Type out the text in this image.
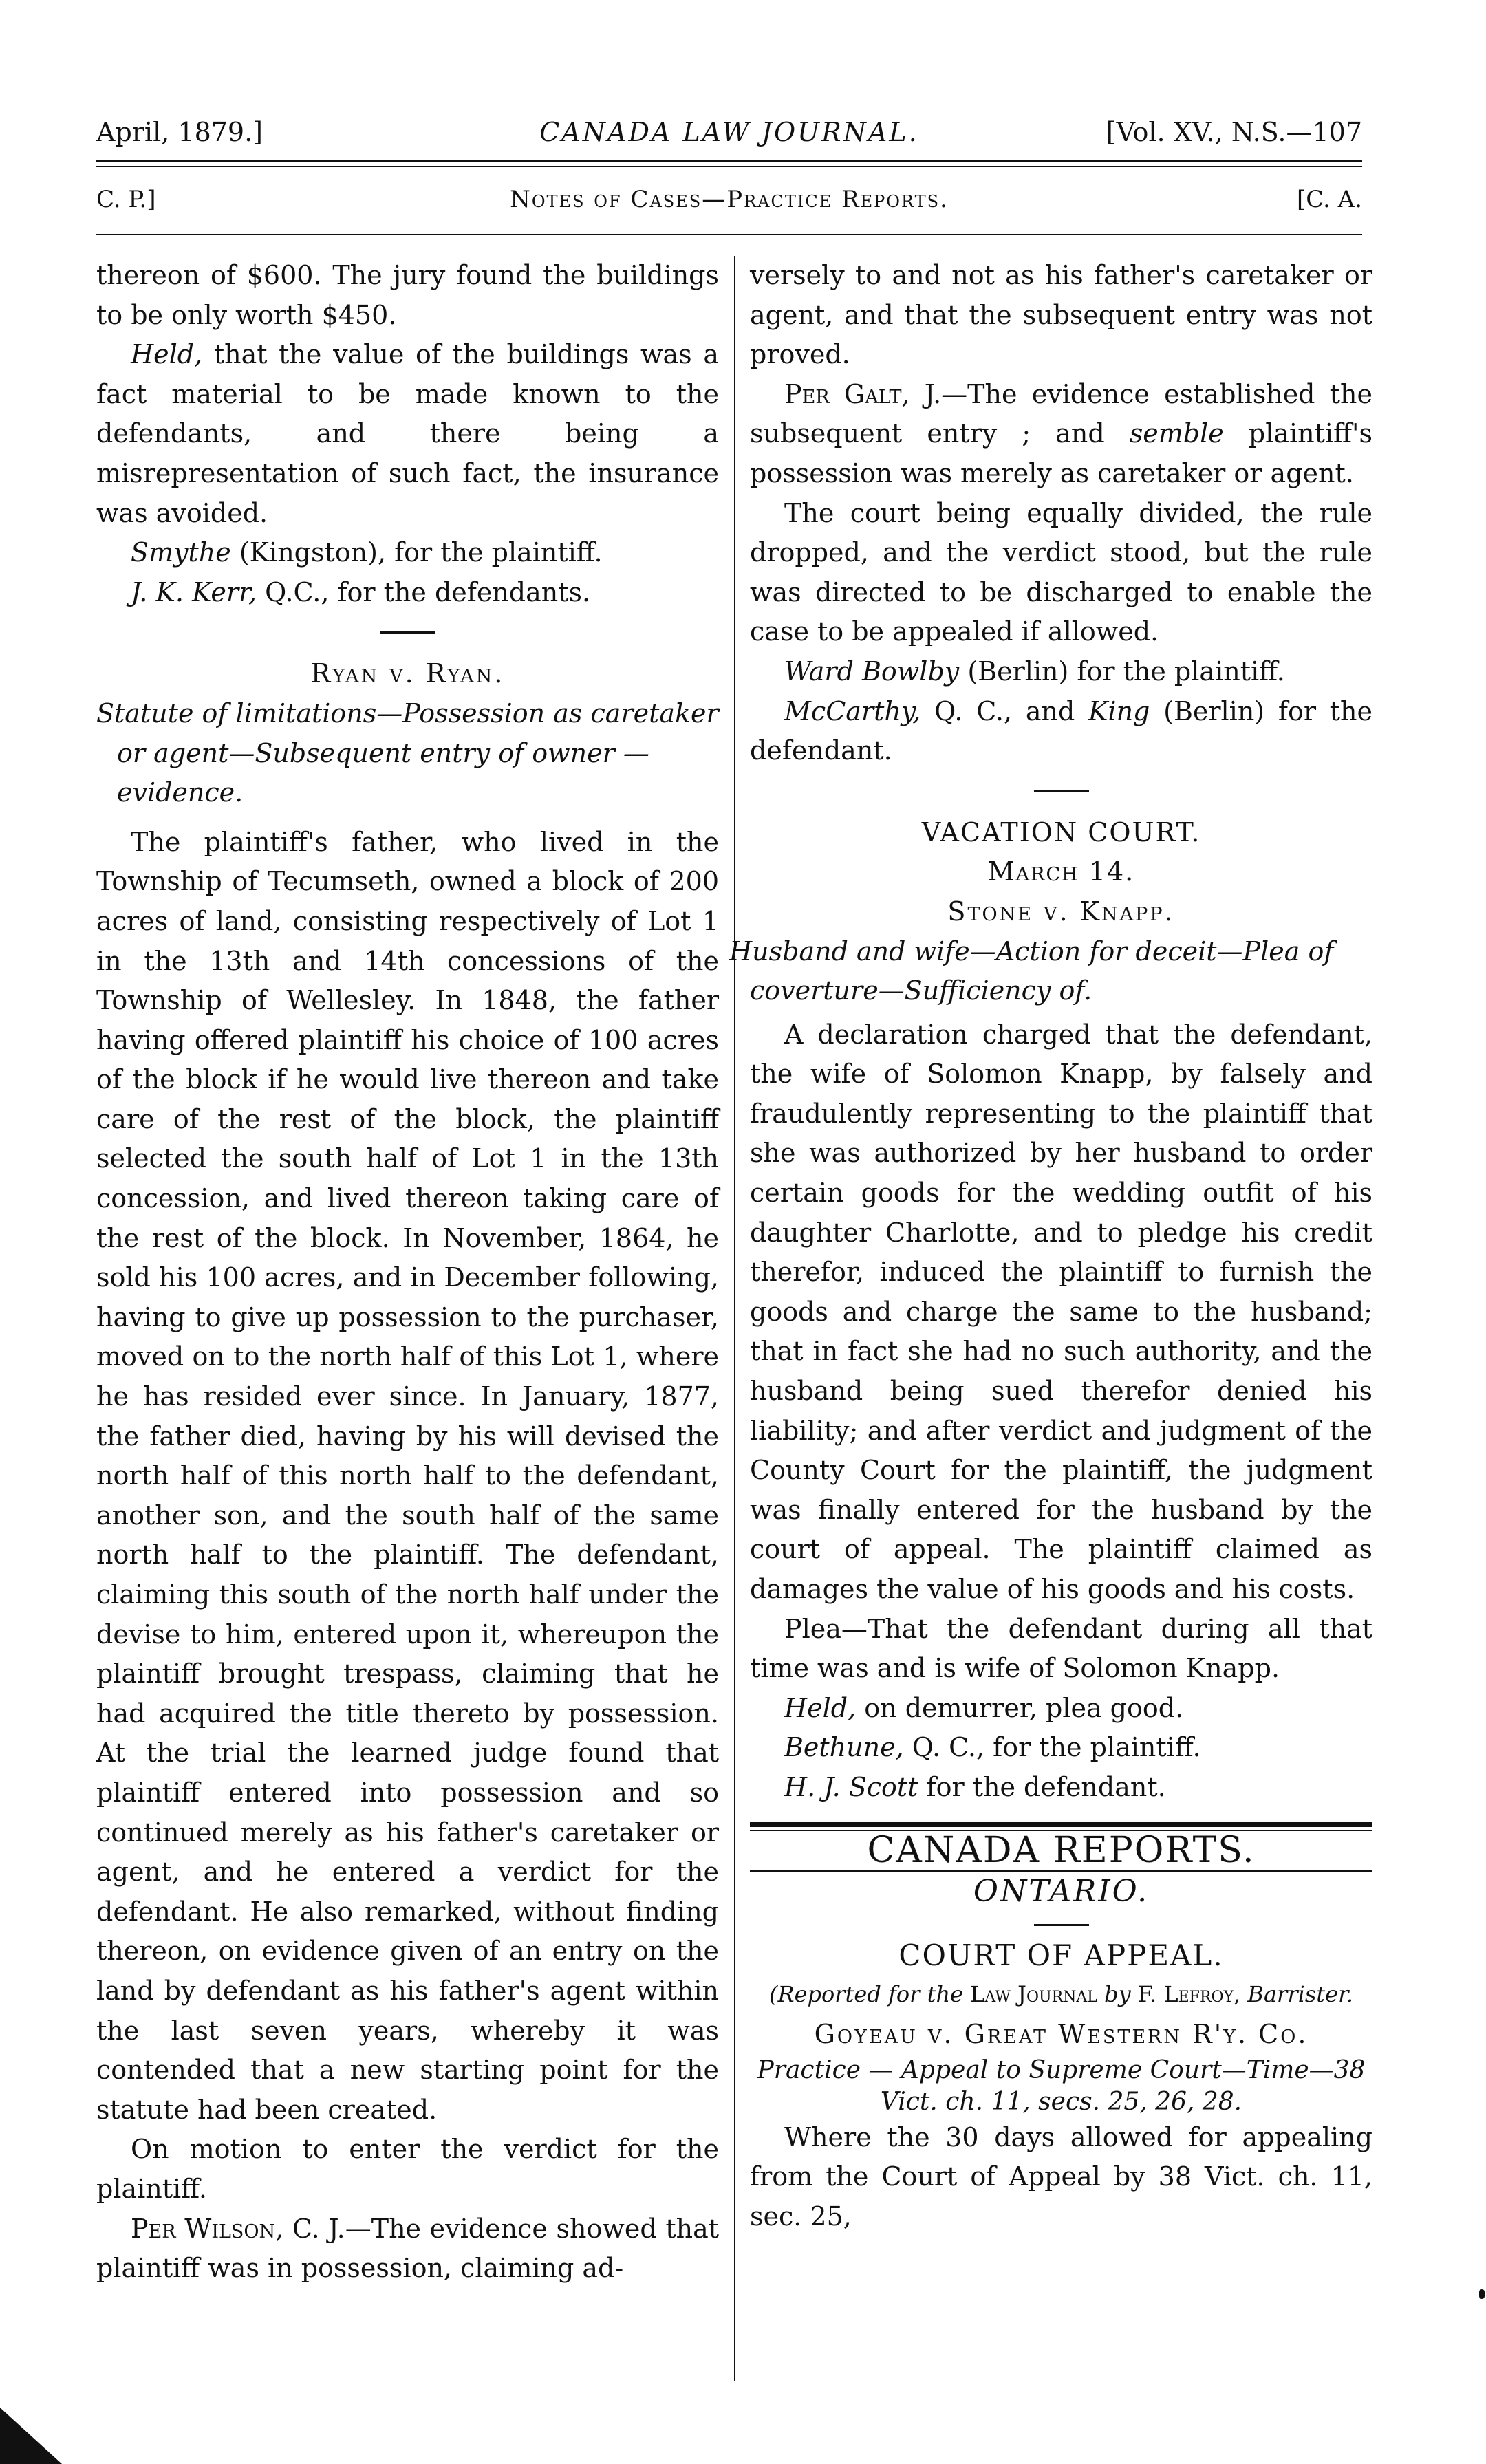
April, 1879.]	CANADA LAW JOURNAL.	[Vol. XV., N.S.—107
C. P.]	Notes of Cases—Practice Reports.	[C. A.

thereon of $600. The jury found the buildings to be only worth $450.

Held, that the value of the buildings was a fact material to be made known to the defendants, and there being a misrepresentation of such fact, the insurance was avoided.

Smythe (Kingston), for the plaintiff.

J. K. Kerr, Q.C., for the defendants.

Ryan v. Ryan.

Statute of limitations—Possession as caretaker or agent—Subsequent entry of owner —evidence.

The plaintiff's father, who lived in the Township of Tecumseth, owned a block of 200 acres of land, consisting respectively of Lot 1 in the 13th and 14th concessions of the Township of Wellesley. In 1848, the father having offered plaintiff his choice of 100 acres of the block if he would live thereon and take care of the rest of the block, the plaintiff selected the south half of Lot 1 in the 13th concession, and lived thereon taking care of the rest of the block. In November, 1864, he sold his 100 acres, and in December following, having to give up possession to the purchaser, moved on to the north half of this Lot 1, where he has resided ever since. In January, 1877, the father died, having by his will devised the north half of this north half to the defendant, another son, and the south half of the same north half to the plaintiff. The defendant, claiming this south of the north half under the devise to him, entered upon it, whereupon the plaintiff brought trespass, claiming that he had acquired the title thereto by possession. At the trial the learned judge found that plaintiff entered into possession and so continued merely as his father's caretaker or agent, and he entered a verdict for the defendant. He also remarked, without finding thereon, on evidence given of an entry on the land by defendant as his father's agent within the last seven years, whereby it was contended that a new starting point for the statute had been created.

On motion to enter the verdict for the plaintiff.

Per Wilson, C. J.—The evidence showed that plaintiff was in possession, claiming ad-

versely to and not as his father's caretaker or agent, and that the subsequent entry was not proved.

Per Galt, J.—The evidence established the subsequent entry ; and semble plaintiff's possession was merely as caretaker or agent.

The court being equally divided, the rule dropped, and the verdict stood, but the rule was directed to be discharged to enable the case to be appealed if allowed.

Ward Bowlby (Berlin) for the plaintiff.

McCarthy, Q. C., and King (Berlin) for the defendant.

VACATION COURT.

March 14.

Stone v. Knapp.

Husband and wife—Action for deceit—Plea of coverture—Sufficiency of.

A declaration charged that the defendant, the wife of Solomon Knapp, by falsely and fraudulently representing to the plaintiff that she was authorized by her husband to order certain goods for the wedding outfit of his daughter Charlotte, and to pledge his credit therefor, induced the plaintiff to furnish the goods and charge the same to the husband; that in fact she had no such authority, and the husband being sued therefor denied his liability; and after verdict and judgment of the County Court for the plaintiff, the judgment was finally entered for the husband by the court of appeal. The plaintiff claimed as damages the value of his goods and his costs.

Plea—That the defendant during all that time was and is wife of Solomon Knapp.

Held, on demurrer, plea good.

Bethune, Q. C., for the plaintiff.

H. J. Scott for the defendant.

CANADA REPORTS.

ONTARIO.

COURT OF APPEAL.

(Reported for the Law Journal by F. Lefroy, Barrister.

Goyeau v. Great Western R'y. Co.

Practice — Appeal to Supreme Court—Time—38 Vict. ch. 11, secs. 25, 26, 28.

Where the 30 days allowed for appealing from the Court of Appeal by 38 Vict. ch. 11, sec. 25,
